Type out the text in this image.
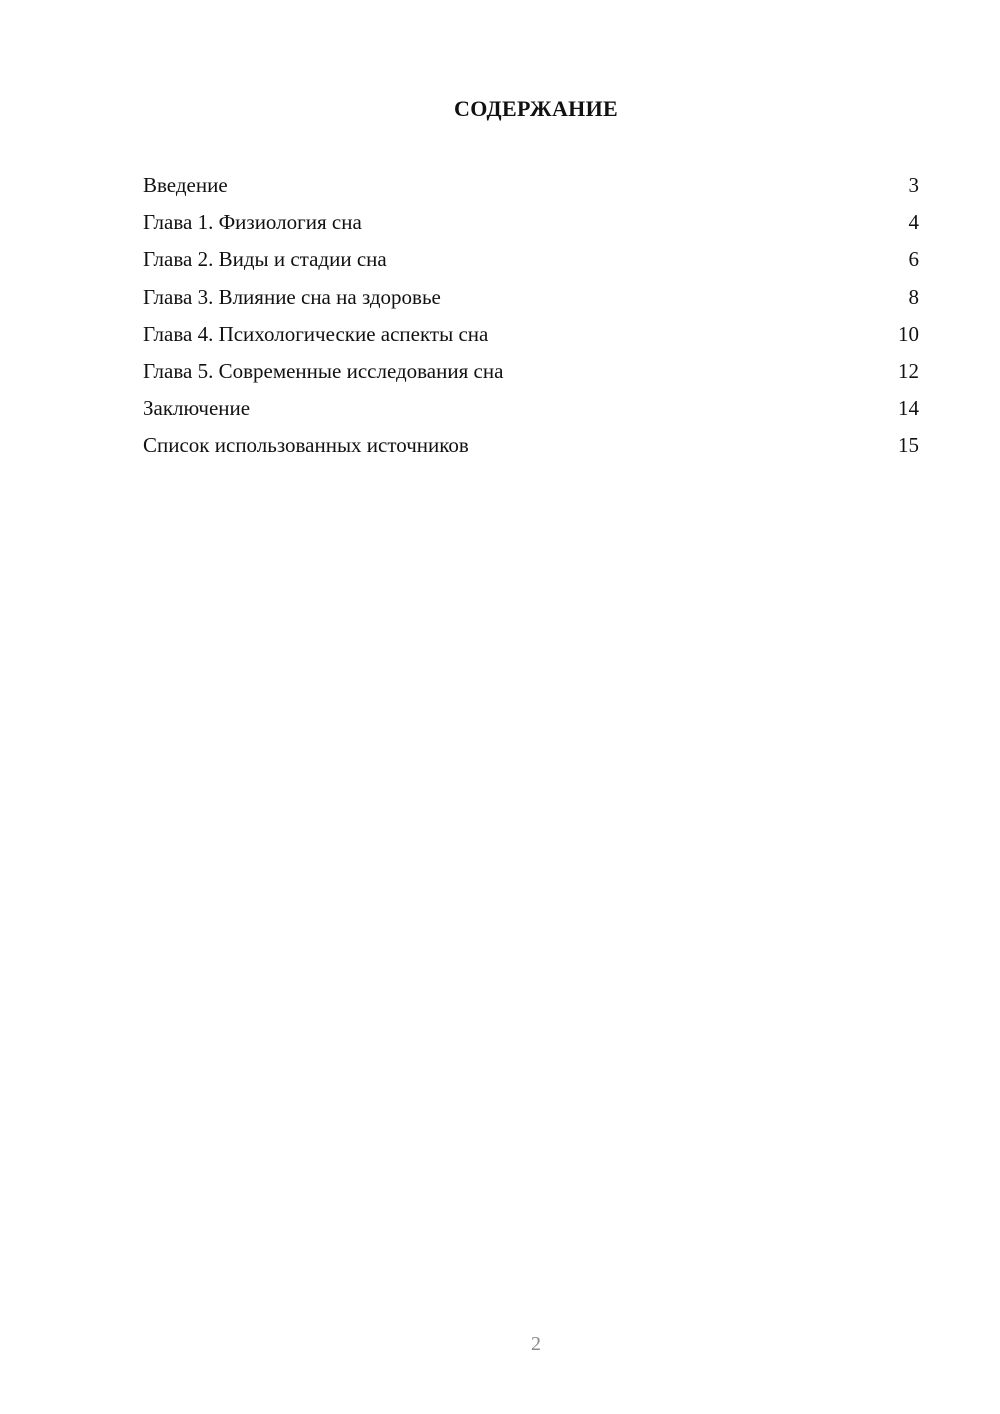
СОДЕРЖАНИЕ
Введение	3
Глава 1. Физиология сна	4
Глава 2. Виды и стадии сна	6
Глава 3. Влияние сна на здоровье	8
Глава 4. Психологические аспекты сна	10
Глава 5. Современные исследования сна	12
Заключение	14
Список использованных источников	15

2
